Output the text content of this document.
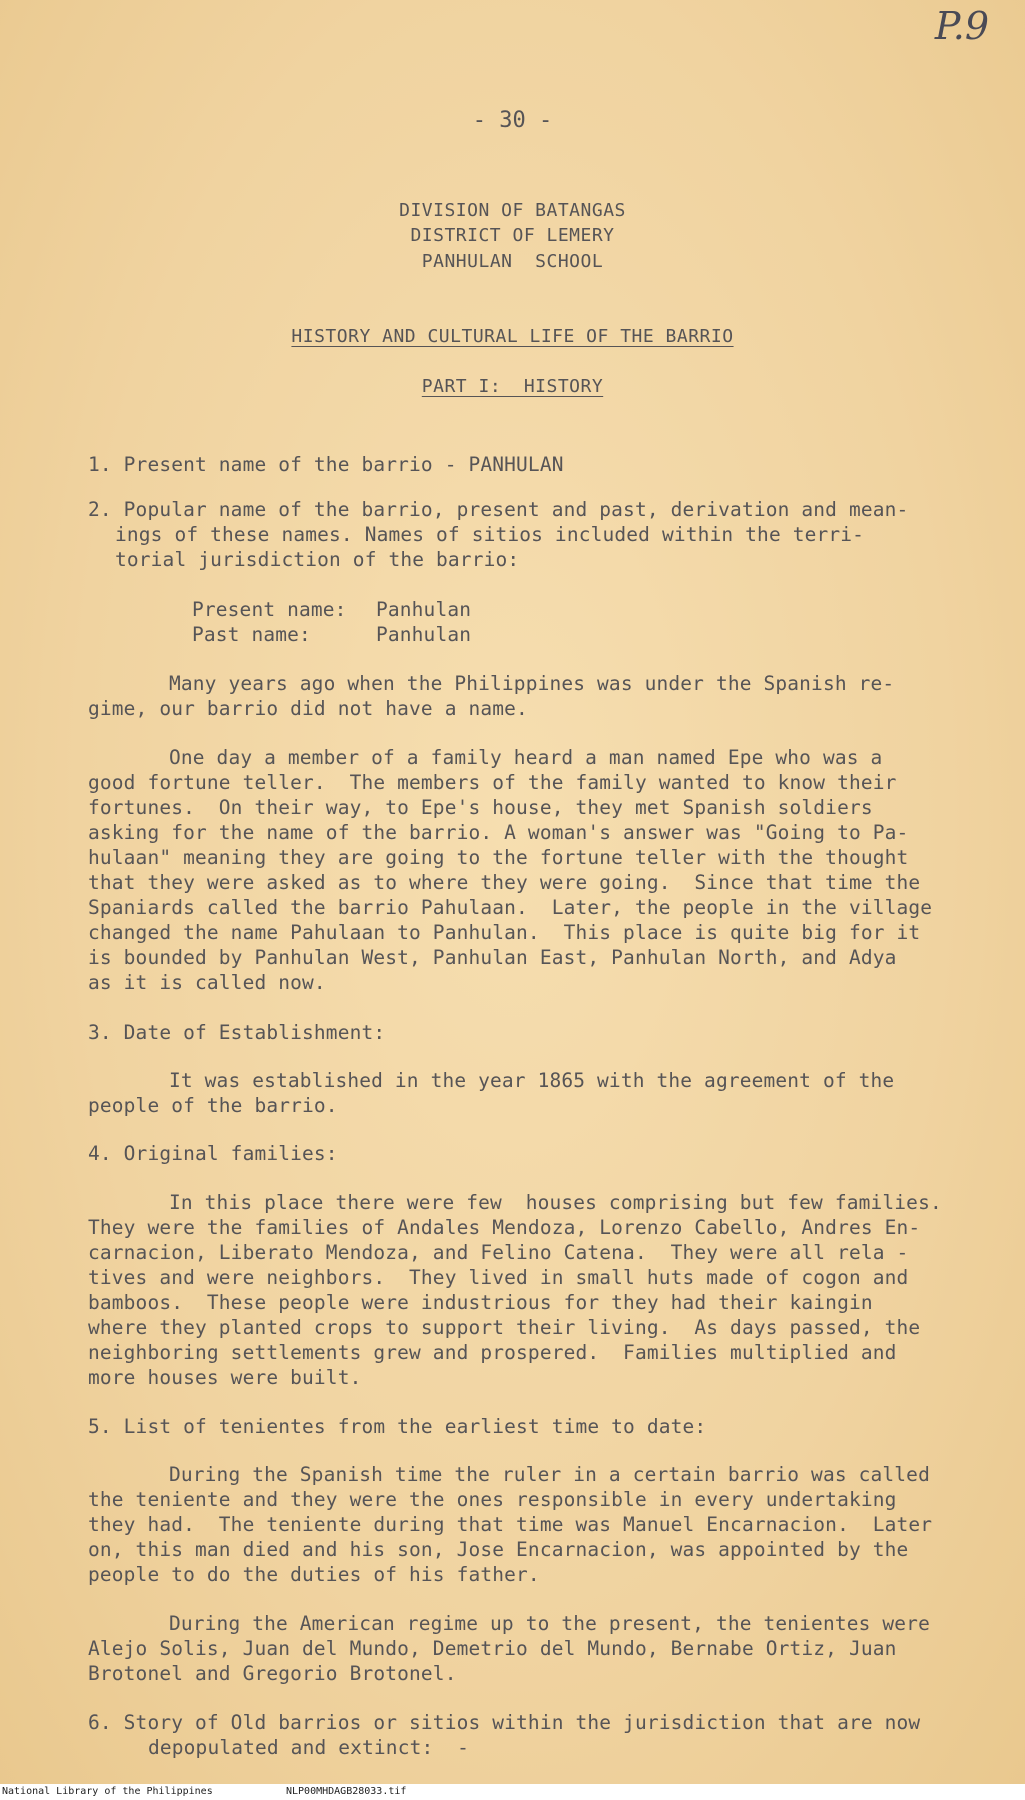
P.9
- 30 -
DIVISION OF BATANGAS
DISTRICT OF LEMERY
PANHULAN  SCHOOL
HISTORY AND CULTURAL LIFE OF THE BARRIO
PART I:  HISTORY
1. Present name of the barrio - PANHULAN
2. Popular name of the barrio, present and past, derivation and mean-
ings of these names. Names of sitios included within the terri-
torial jurisdiction of the barrio:
Present name: Panhulan
Past name:	Panhulan
Many years ago when the Philippines was under the Spanish re-
gime, our barrio did not have a name.
One day a member of a family heard a man named Epe who was a
good fortune teller.  The members of the family wanted to know their
fortunes.  On their way, to Epe's house, they met Spanish soldiers
asking for the name of the barrio. A woman's answer was "Going to Pa-
hulaan" meaning they are going to the fortune teller with the thought
that they were asked as to where they were going.  Since that time the
Spaniards called the barrio Pahulaan.  Later, the people in the village
changed the name Pahulaan to Panhulan.  This place is quite big for it
is bounded by Panhulan West, Panhulan East, Panhulan North, and Adya
as it is called now.
3. Date of Establishment:
It was established in the year 1865 with the agreement of the
people of the barrio.
4. Original families:
In this place there were few  houses comprising but few families.
They were the families of Andales Mendoza, Lorenzo Cabello, Andres En-
carnacion, Liberato Mendoza, and Felino Catena.  They were all rela -
tives and were neighbors.  They lived in small huts made of cogon and
bamboos.  These people were industrious for they had their kaingin
where they planted crops to support their living.  As days passed, the
neighboring settlements grew and prospered.  Families multiplied and
more houses were built.
5. List of tenientes from the earliest time to date:
During the Spanish time the ruler in a certain barrio was called
the teniente and they were the ones responsible in every undertaking
they had.  The teniente during that time was Manuel Encarnacion.  Later
on, this man died and his son, Jose Encarnacion, was appointed by the
people to do the duties of his father.
During the American regime up to the present, the tenientes were
Alejo Solis, Juan del Mundo, Demetrio del Mundo, Bernabe Ortiz, Juan
Brotonel and Gregorio Brotonel.
6. Story of Old barrios or sitios within the jurisdiction that are now
depopulated and extinct:  -
National Library of the Philippines	NLP00MHDAGB28033.tif
